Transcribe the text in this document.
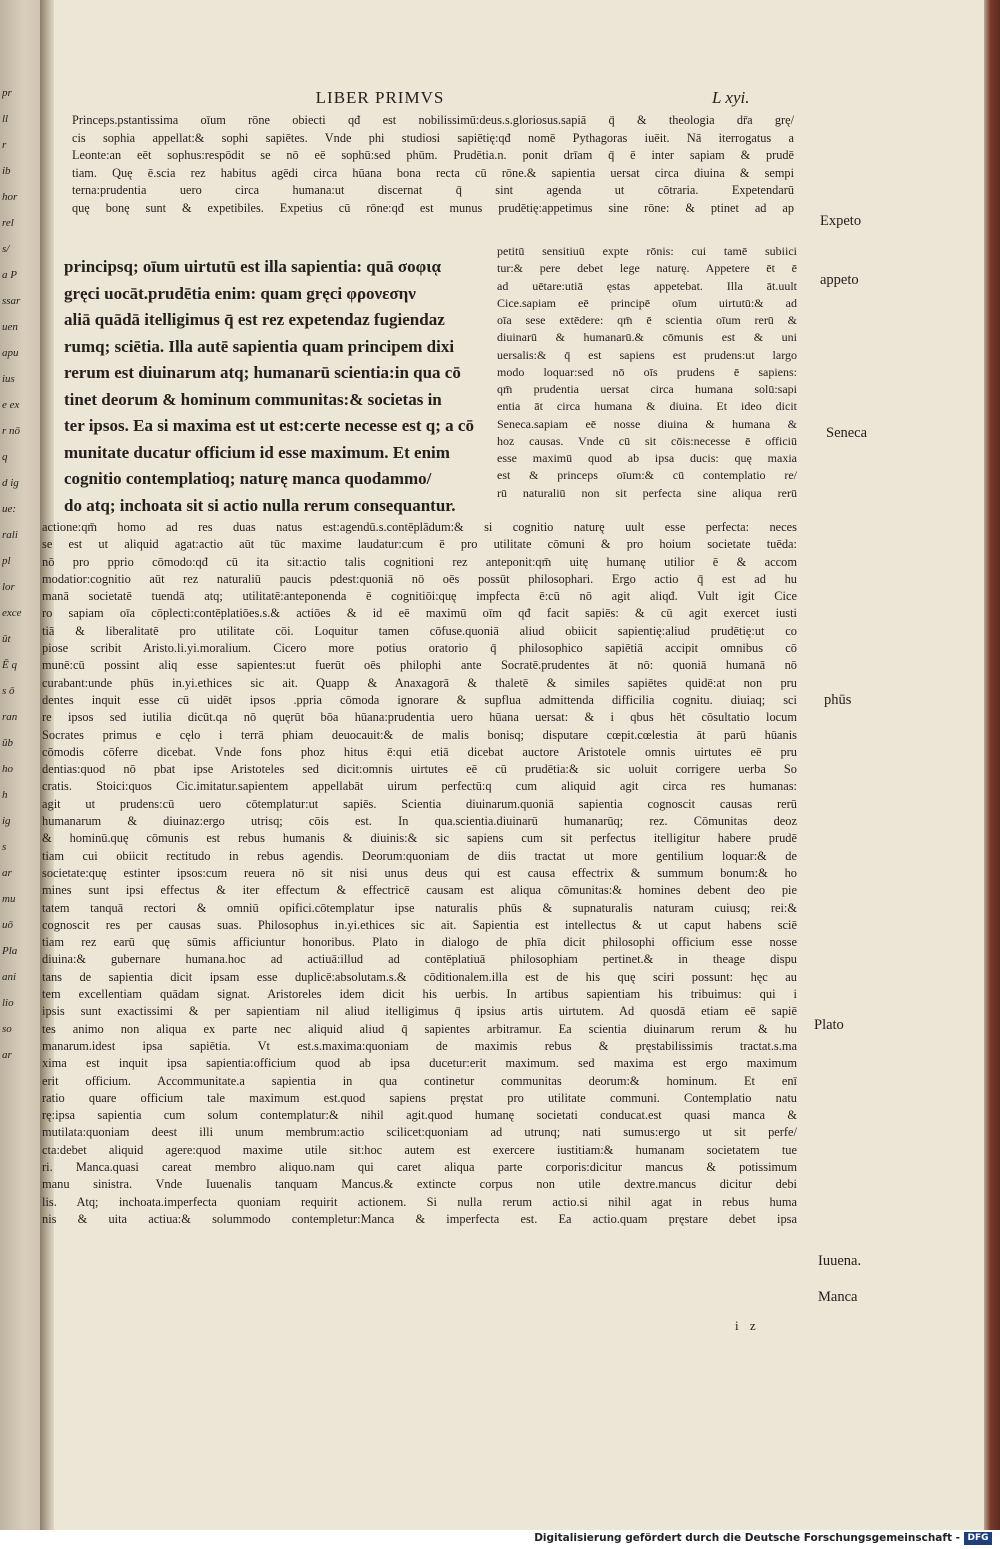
pr
ll
r
ib
hor
rel
s/
a P
ssar
uen
apu
ius
e ex
r nō
q
d ig
ue:
rali
pl
lor
exce
ūt
Ē q
s ō
ran
ūb
ho
h
ig
s
ar
mu
uō
Pla
ani
lio
so
ar
LIBER PRIMVS	L xyi.
Princeps.pstantissima oīum rōne obiecti qđ est nobilissimū:deus.s.gloriosus.sapiā q̄ & theologia dr̄a grę/
cis sophia appellat:& sophi sapiētes. Vnde phi studiosi sapiētię:qđ nomē Pythagoras iuēit. Nā iterrogatus a
Leonte:an eēt sophus:respōdit se nō eē sophū:sed phūm. Prudētia.n. ponit drīam q̄ ē inter sapiam & prudē
tiam. Quę ē.scia rez habitus agēdi circa hūana bona recta cū rōne.& sapientia uersat circa diuina & sempi
terna:prudentia uero circa humana:ut discernat q̄ sint agenda ut cōtraria. Expetendarū
quę bonę sunt & expetibiles. Expetius cū rōne:qđ est munus prudētię:appetimus sine rōne: & ptinet ad ap
petitū sensitiuū expte rōnis: cui tamē subiici
tur:& pere debet lege naturę. Appetere ēt ē
ad uētare:utiā ęstas appetebat. Illa āt.uult
Cice.sapiam eē principē oīum uirtutū:& ad
oīa sese extēdere: qm̄ ē scientia oīum rerū &
diuinarū & humanarū.& cōmunis est & uni
uersalis:& q̄ est sapiens est prudens:ut largo
modo loquar:sed nō oīs prudens ē sapiens:
qm̄ prudentia uersat circa humana solū:sapi
entia āt circa humana & diuina. Et ideo dicit
Seneca.sapiam eē nosse diuina & humana &
hoz causas. Vnde cū sit cōis:necesse ē officiū
esse maximū quod ab ipsa ducis: quę maxia
est & princeps oīum:& cū contemplatio re/
rū naturaliū non sit perfecta sine aliqua rerū
principsq; oīum uirtutū est illa sapientia: quā σοφιᾳ
gręci uocāt.prudētia enim: quam gręci φρονεσην
aliā quādā itelligimus q̄ est rez expetendaz fugiendaz
rumq; sciētia. Illa autē sapientia quam principem dixi
rerum est diuinarum atq; humanarū scientia:in qua cō
tinet deorum & hominum communitas:& societas in
ter ipsos. Ea si maxima est ut est:certe necesse est q; a cō
munitate ducatur officium id esse maximum. Et enim
cognitio contemplatioq; naturę manca quodammo/
do atq; inchoata sit si actio nulla rerum consequantur.
actione:qm̄ homo ad res duas natus est:agendū.s.contēplādum:& si cognitio naturę uult esse perfecta: neces
se est ut aliquid agat:actio aūt tūc maxime laudatur:cum ē pro utilitate cōmuni & pro hoium societate tuēda:
nō pro pprio cōmodo:qđ cū ita sit:actio talis cognitioni rez anteponit:qm̄ uitę humanę utilior ē & accom
modatior:cognitio aūt rez naturaliū paucis pdest:quoniā nō oēs possūt philosophari. Ergo actio q̄ est ad hu
manā societatē tuendā atq; utilitatē:anteponenda ē cognitiōi:quę impfecta ē:cū nō agit aliqđ. Vult igit Cice
ro sapiam oīa cōplecti:contēplatiōes.s.& actiōes & id eē maximū oīm qđ facit sapiēs: & cū agit exercet iusti
tiā & liberalitatē pro utilitate cōi. Loquitur tamen cōfuse.quoniā aliud obiicit sapientię:aliud prudētię:ut co
piose scribit Aristo.li.yi.moralium. Cicero more potius oratorio q̄ philosophico sapiētiā accipit omnibus cō
munē:cū possint aliq esse sapientes:ut fuerūt oēs philophi ante Socratē.prudentes āt nō: quoniā humanā nō
curabant:unde phūs in.yi.ethices sic ait. Quapp & Anaxagorā & thaletē & similes sapiētes quidē:at non pru
dentes inquit esse cū uidēt ipsos .ppria cōmoda ignorare & supflua admittenda difficilia cognitu. diuiaq; sci
re ipsos sed iutilia dicūt.qa nō quęrūt bōa hūana:prudentia uero hūana uersat: & i qbus hēt cōsultatio locum
Socrates primus e cęlo i terrā phiam deuocauit:& de malis bonisq; disputare cœpit.cœlestia āt parū hūanis
cōmodis cōferre dicebat. Vnde fons phoz hitus ē:qui etiā dicebat auctore Aristotele omnis uirtutes eē pru
dentias:quod nō pbat ipse Aristoteles sed dicit:omnis uirtutes eē cū prudētia:& sic uoluit corrigere uerba So
cratis. Stoici:quos Cic.imitatur.sapientem appellabāt uirum perfectū:q cum aliquid agit circa res humanas:
agit ut prudens:cū uero cōtemplatur:ut sapiēs. Scientia diuinarum.quoniā sapientia cognoscit causas rerū
humanarum & diuinaz:ergo utrisq; cōis est. In qua.scientia.diuinarū humanarūq; rez. Cōmunitas deoz
& hominū.quę cōmunis est rebus humanis & diuinis:& sic sapiens cum sit perfectus itelligitur habere prudē
tiam cui obiicit rectitudo in rebus agendis. Deorum:quoniam de diis tractat ut more gentilium loquar:& de
societate:quę estinter ipsos:cum reuera nō sit nisi unus deus qui est causa effectrix & summum bonum:& ho
mines sunt ipsi effectus & iter effectum & effectricē causam est aliqua cōmunitas:& homines debent deo pie
tatem tanquā rectori & omniū opifici.cōtemplatur ipse naturalis phūs & supnaturalis naturam cuiusq; rei:&
cognoscit res per causas suas. Philosophus in.yi.ethices sic ait. Sapientia est intellectus & ut caput habens sciē
tiam rez earū quę sūmis afficiuntur honoribus. Plato in dialogo de phīa dicit philosophi officium esse nosse
diuina:& gubernare humana.hoc ad actiuā:illud ad contēplatiuā philosophiam pertinet.& in theage dispu
tans de sapientia dicit ipsam esse duplicē:absolutam.s.& cōditionalem.illa est de his quę sciri possunt: hęc au
tem excellentiam quādam signat. Aristoreles idem dicit his uerbis. In artibus sapientiam his tribuimus: qui i
ipsis sunt exactissimi & per sapientiam nil aliud itelligimus q̄ ipsius artis uirtutem. Ad quosdā etiam eē sapiē
tes animo non aliqua ex parte nec aliquid aliud q̄ sapientes arbitramur. Ea scientia diuinarum rerum & hu
manarum.idest ipsa sapiētia. Vt est.s.maxima:quoniam de maximis rebus & pręstabilissimis tractat.s.ma
xima est inquit ipsa sapientia:officium quod ab ipsa ducetur:erit maximum. sed maxima est ergo maximum
erit officium. Accommunitate.a sapientia in qua continetur communitas deorum:& hominum. Et enī
ratio quare officium tale maximum est.quod sapiens pręstat pro utilitate communi. Contemplatio natu
rę:ipsa sapientia cum solum contemplatur:& nihil agit.quod humanę societati conducat.est quasi manca &
mutilata:quoniam deest illi unum membrum:actio scilicet:quoniam ad utrunq; nati sumus:ergo ut sit perfe/
cta:debet aliquid agere:quod maxime utile sit:hoc autem est exercere iustitiam:& humanam societatem tue
ri. Manca.quasi careat membro aliquo.nam qui caret aliqua parte corporis:dicitur mancus & potissimum
manu sinistra. Vnde Iuuenalis tanquam Mancus.& extincte corpus non utile dextre.mancus dicitur debi
lis. Atq; inchoata.imperfecta quoniam requirit actionem. Si nulla rerum actio.si nihil agat in rebus huma
nis & uita actiua:& solummodo contempletur:Manca & imperfecta est. Ea actio.quam pręstare debet ipsa
Expeto
appeto
Seneca
phūs
Plato
Iuuena.
Manca
i z
Digitalisierung gefördert durch die Deutsche Forschungsgemeinschaft - DFG
